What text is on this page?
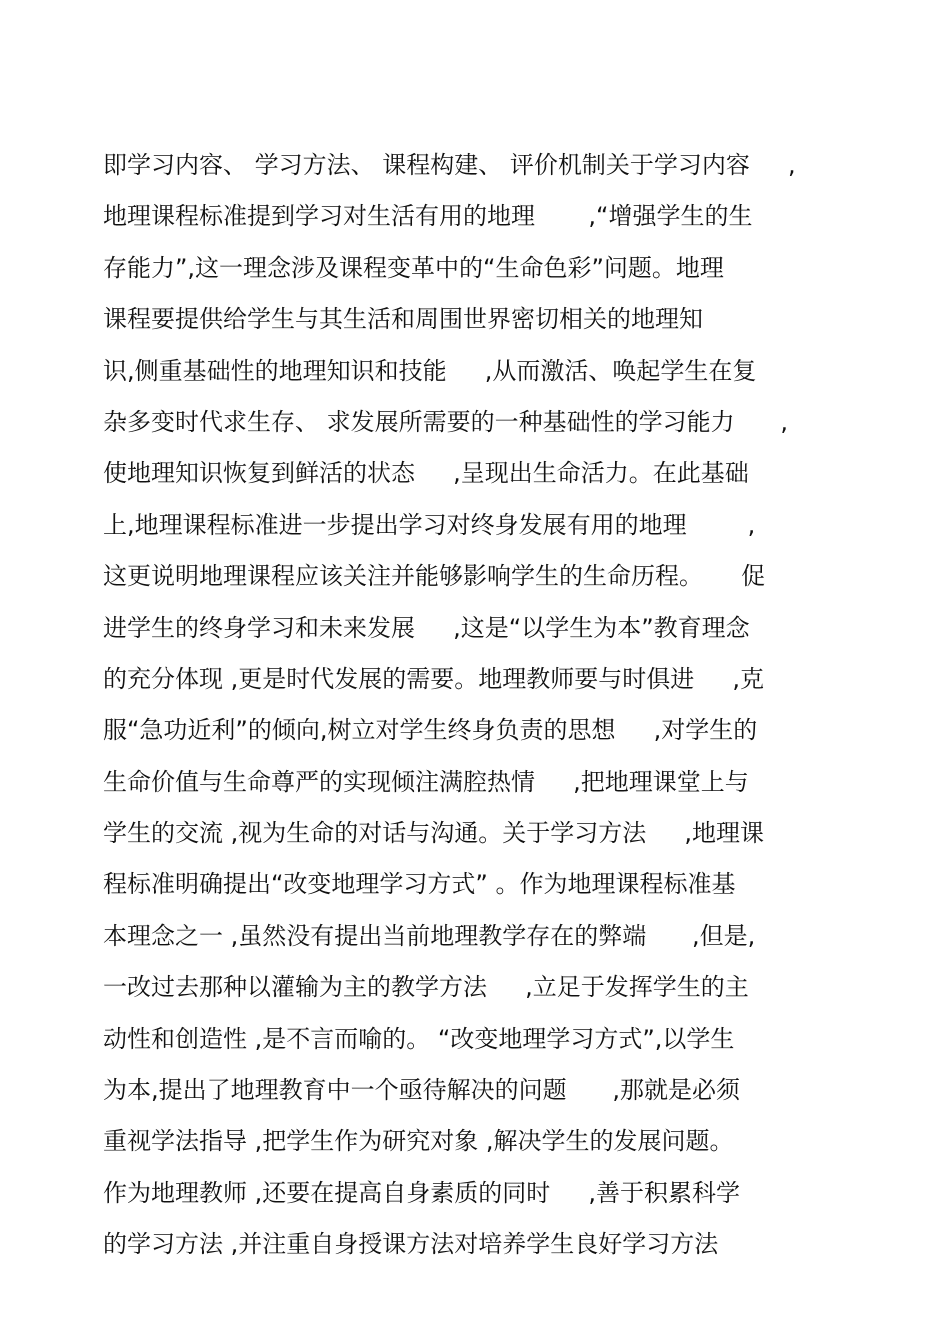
即学习内容、 学习方法、 课程构建、 评价机制关于学习内容     ,
地理课程标准提到学习对生活有用的地理       ,“增强学生的生
存能力”,这一理念涉及课程变革中的“生命色彩”问题。地理
课程要提供给学生与其生活和周围世界密切相关的地理知
识,侧重基础性的地理知识和技能     ,从而激活、唤起学生在复
杂多变时代求生存、 求发展所需要的一种基础性的学习能力      ,
使地理知识恢复到鲜活的状态     ,呈现出生命活力。在此基础
上,地理课程标准进一步提出学习对终身发展有用的地理        ,
这更说明地理课程应该关注并能够影响学生的生命历程。     促
进学生的终身学习和未来发展     ,这是“以学生为本”教育理念
的充分体现 ,更是时代发展的需要。地理教师要与时俱进     ,克
服“急功近利”的倾向,树立对学生终身负责的思想     ,对学生的
生命价值与生命尊严的实现倾注满腔热情     ,把地理课堂上与
学生的交流 ,视为生命的对话与沟通。关于学习方法     ,地理课
程标准明确提出“改变地理学习方式” 。作为地理课程标准基
本理念之一 ,虽然没有提出当前地理教学存在的弊端      ,但是,
一改过去那种以灌输为主的教学方法     ,立足于发挥学生的主
动性和创造性 ,是不言而喻的。 “改变地理学习方式”,以学生
为本,提出了地理教育中一个亟待解决的问题      ,那就是必须
重视学法指导 ,把学生作为研究对象 ,解决学生的发展问题。
作为地理教师 ,还要在提高自身素质的同时     ,善于积累科学
的学习方法 ,并注重自身授课方法对培养学生良好学习方法
